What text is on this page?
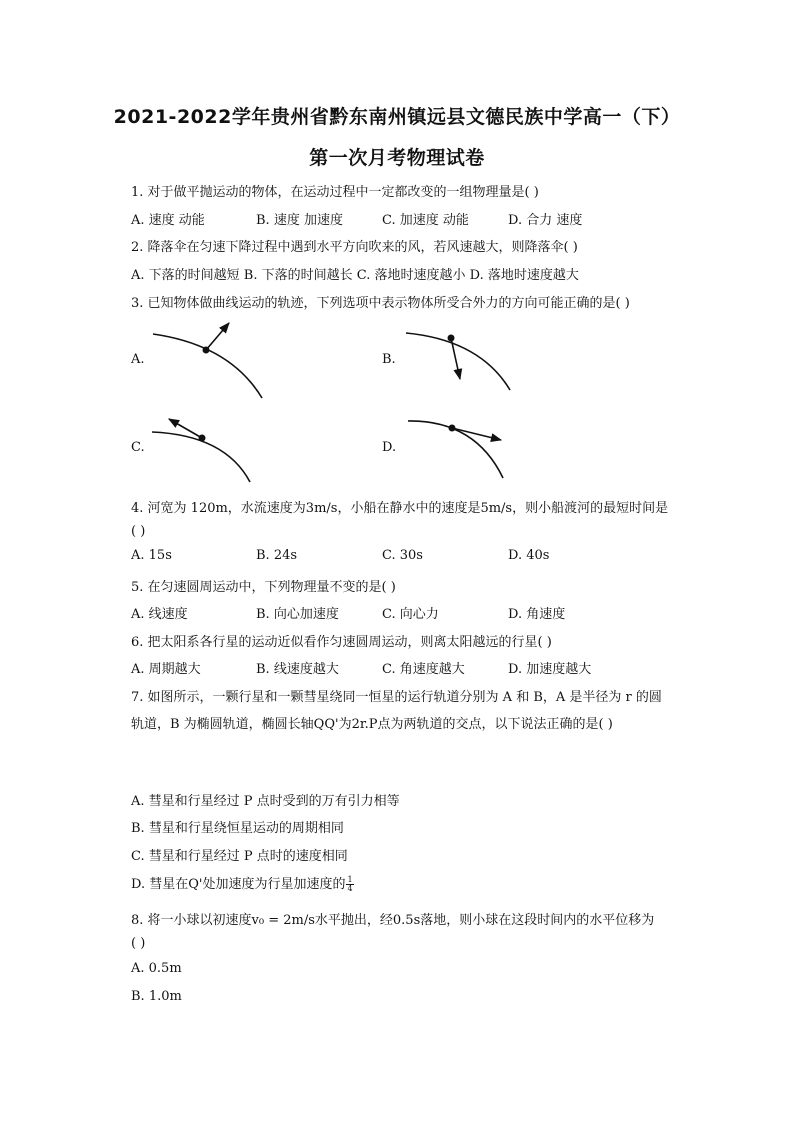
2021-2022学年贵州省黔东南州镇远县文德民族中学高一（下）
第一次月考物理试卷
1. 对于做平抛运动的物体，在运动过程中一定都改变的一组物理量是( )
A. 速度 动能	B. 速度 加速度	C. 加速度 动能	D. 合力 速度
2. 降落伞在匀速下降过程中遇到水平方向吹来的风，若风速越大，则降落伞( )
A. 下落的时间越短 B. 下落的时间越长 C. 落地时速度越小 D. 落地时速度越大
3. 已知物体做曲线运动的轨迹，下列选项中表示物体所受合外力的方向可能正确的是( )
A.	B.
C.	D.
4. 河宽为 120m，水流速度为3m/s，小船在静水中的速度是5m/s，则小船渡河的最短时间是
( )
A. 15s	B. 24s	C. 30s	D. 40s
5. 在匀速圆周运动中，下列物理量不变的是( )
A. 线速度	B. 向心加速度	C. 向心力	D. 角速度
6. 把太阳系各行星的运动近似看作匀速圆周运动，则离太阳越远的行星( )
A. 周期越大	B. 线速度越大	C. 角速度越大	D. 加速度越大
7. 如图所示，一颗行星和一颗彗星绕同一恒星的运行轨道分别为 A 和 B，A 是半径为 r 的圆
轨道，B 为椭圆轨道，椭圆长轴QQ'为2r.P点为两轨道的交点，以下说法正确的是( )
A. 彗星和行星经过 P 点时受到的万有引力相等
B. 彗星和行星绕恒星运动的周期相同
C. 彗星和行星经过 P 点时的速度相同
D. 彗星在Q'处加速度为行星加速度的 $\frac{1}{4}$
8. 将一小球以初速度v₀ = 2m/s水平抛出，经0.5s落地，则小球在这段时间内的水平位移为
( )
A. 0.5m
B. 1.0m
